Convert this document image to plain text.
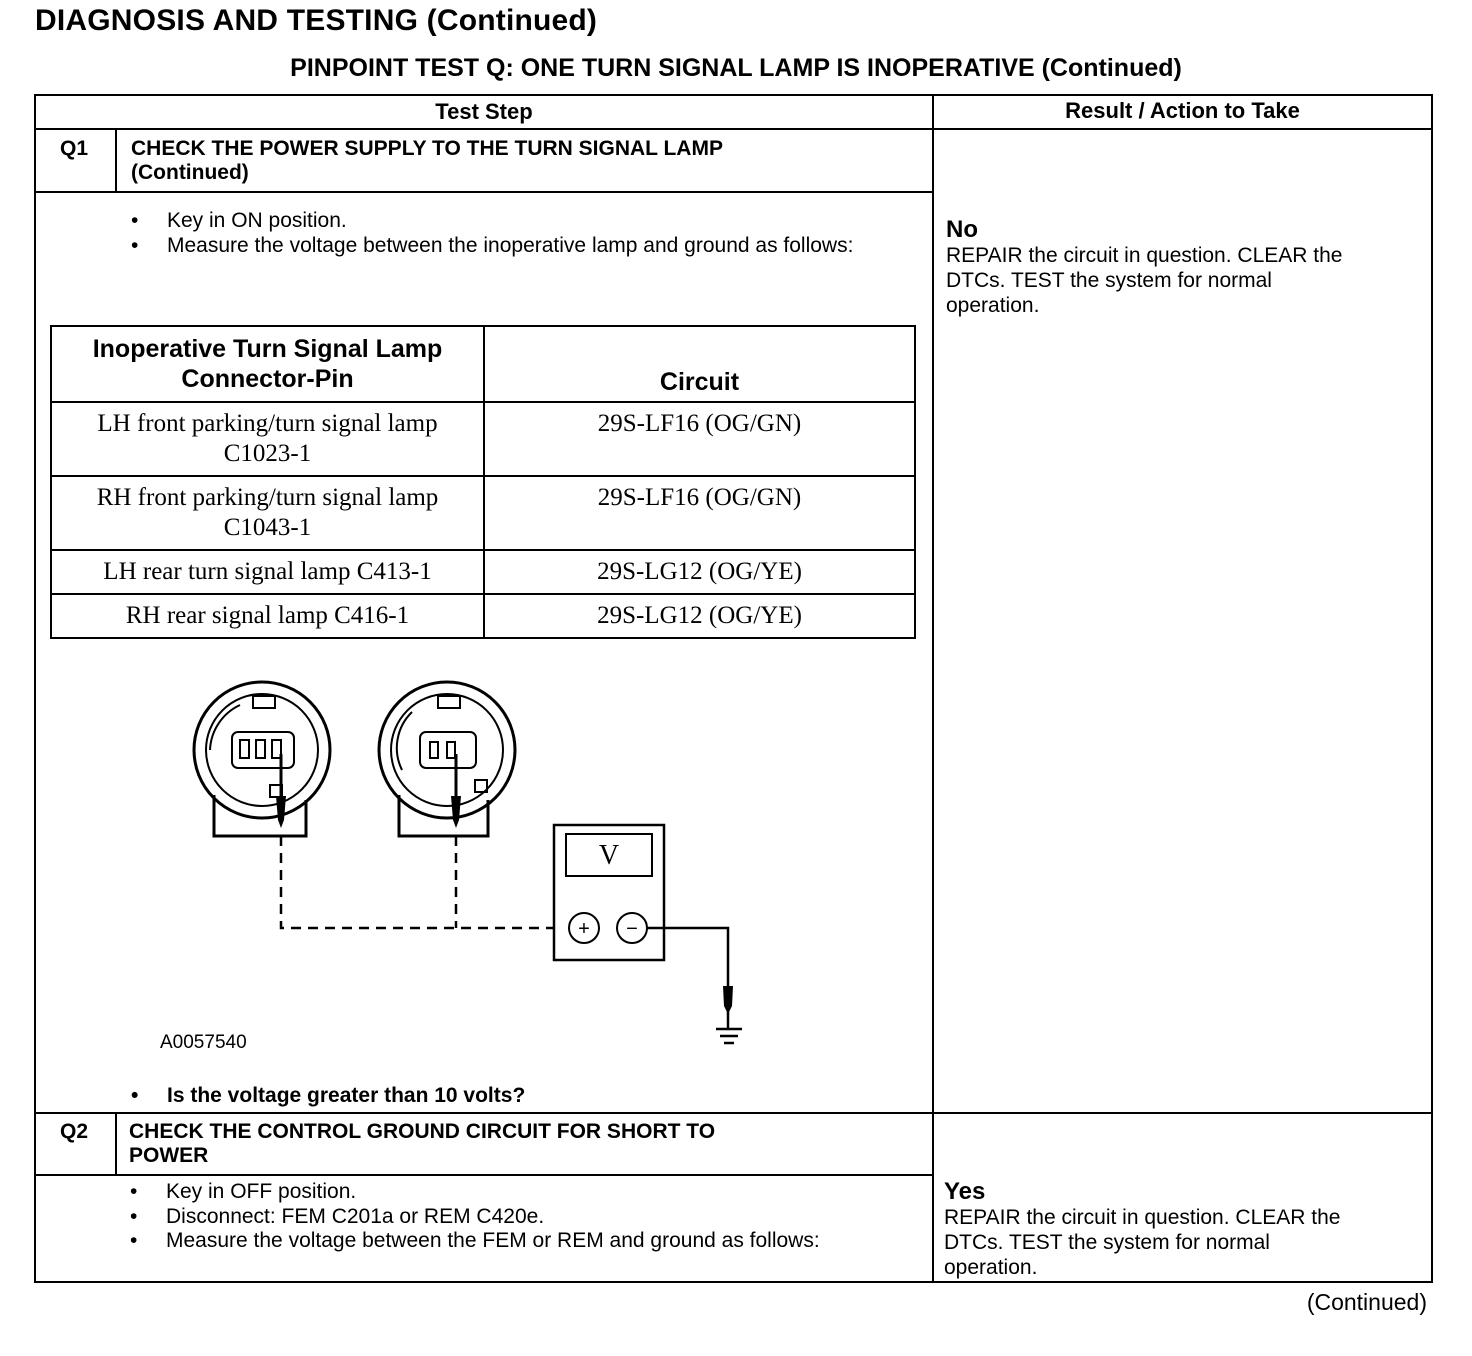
DIAGNOSIS AND TESTING (Continued)
PINPOINT TEST Q: ONE TURN SIGNAL LAMP IS INOPERATIVE (Continued)
Test Step	Result / Action to Take
Q1 CHECK THE POWER SUPPLY TO THE TURN SIGNAL LAMP
(Continued)
• Key in ON position.
• Measure the voltage between the inoperative lamp and ground as follows:
Inoperative Turn Signal Lamp
Connector-Pin	Circuit

LH front parking/turn signal lamp
C1023-1	29S-LF16 (OG/GN)

RH front parking/turn signal lamp
C1043-1	29S-LF16 (OG/GN)
LH rear turn signal lamp C413-1	29S-LG12 (OG/YE)
RH rear signal lamp C416-1	29S-LG12 (OG/YE)
V
+ −
A0057540
• Is the voltage greater than 10 volts?
No
REPAIR the circuit in question. CLEAR the
DTCs. TEST the system for normal
operation.
Q2 CHECK THE CONTROL GROUND CIRCUIT FOR SHORT TO
POWER
• Key in OFF position.
• Disconnect: FEM C201a or REM C420e.
• Measure the voltage between the FEM or REM and ground as follows:
Yes
REPAIR the circuit in question. CLEAR the
DTCs. TEST the system for normal
operation.
(Continued)
